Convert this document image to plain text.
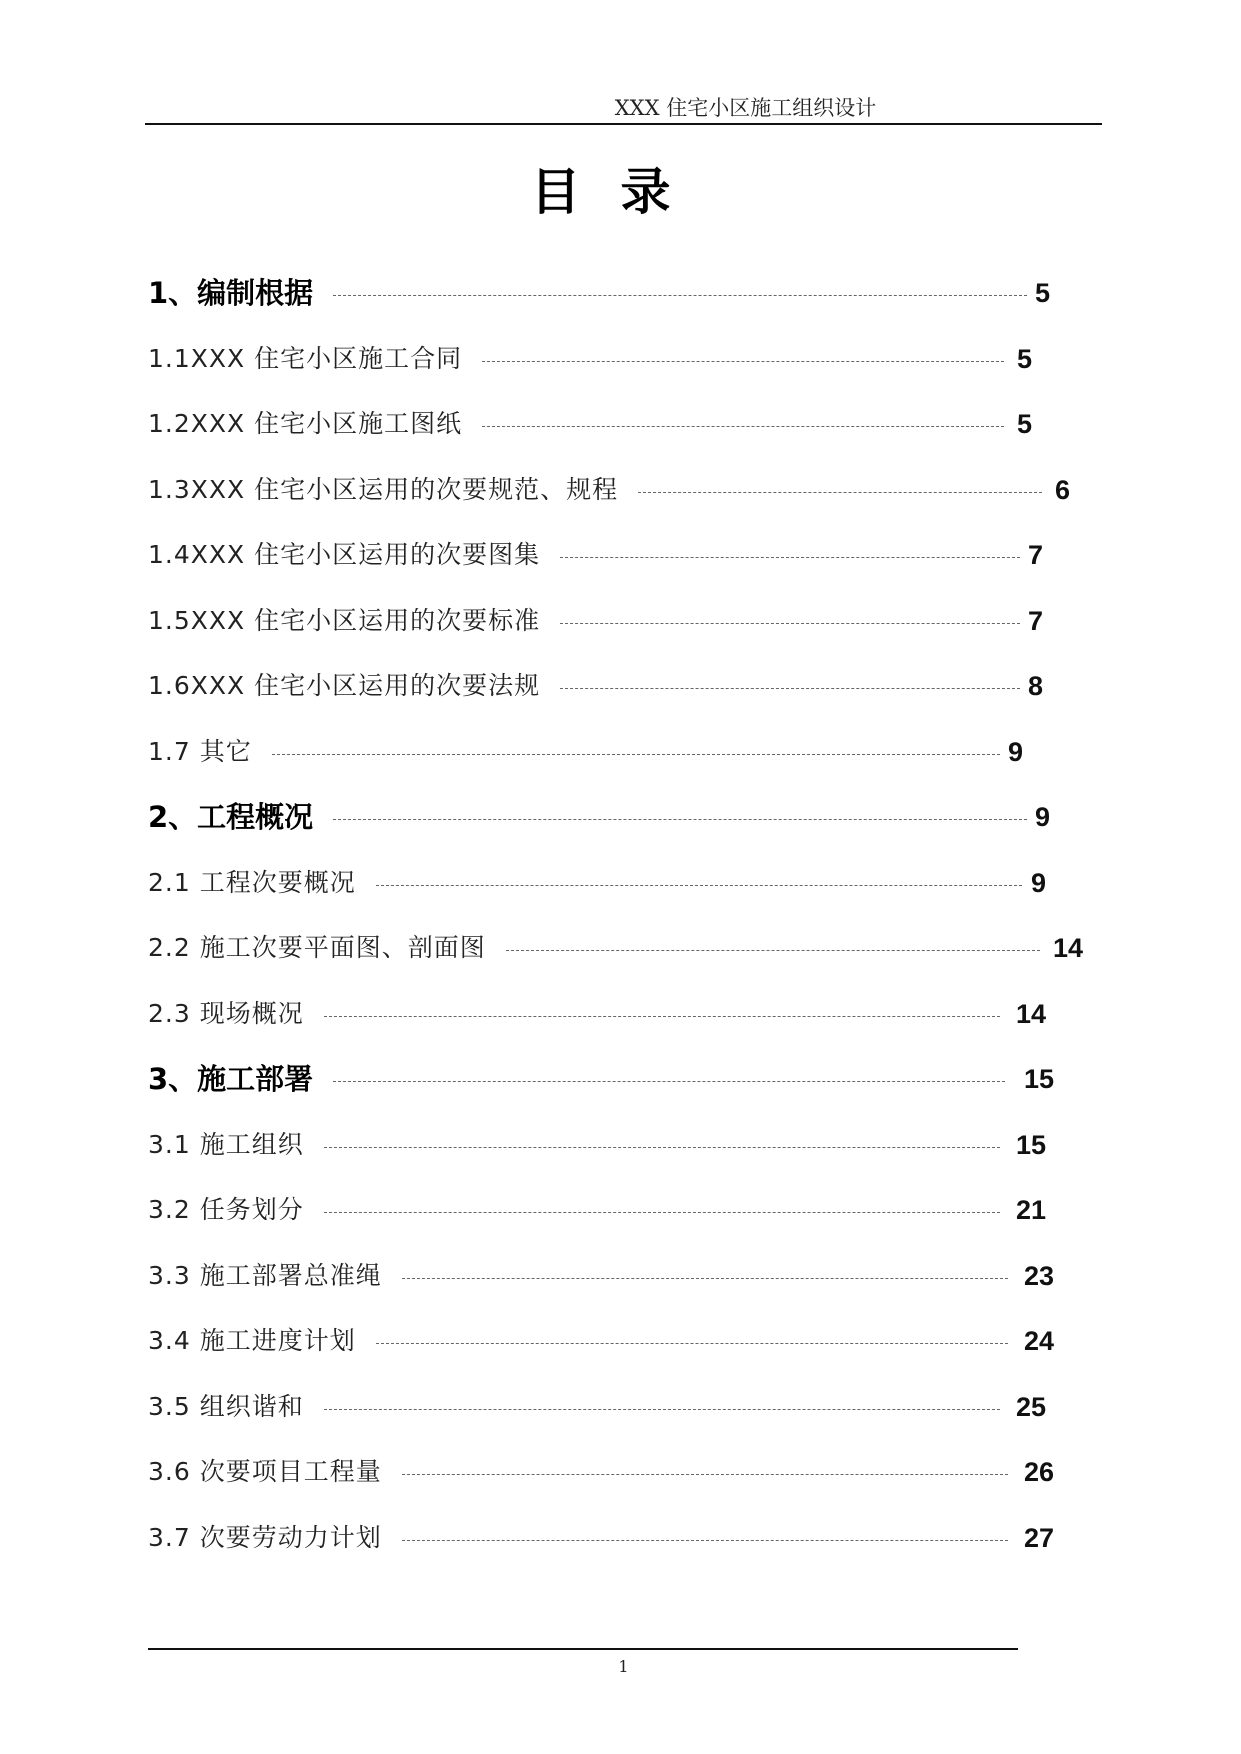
XXX 住宅小区施工组织设计
目录
1、编制根据	5
1.1XXX 住宅小区施工合同	5
1.2XXX 住宅小区施工图纸	5
1.3XXX 住宅小区运用的次要规范、规程	6
1.4XXX 住宅小区运用的次要图集	7
1.5XXX 住宅小区运用的次要标准	7
1.6XXX 住宅小区运用的次要法规	8
1.7 其它	9
2、工程概况	9
2.1 工程次要概况	9
2.2 施工次要平面图、剖面图	14
2.3 现场概况	14
3、施工部署	15
3.1 施工组织	15
3.2 任务划分	21
3.3 施工部署总准绳	23
3.4 施工进度计划	24
3.5 组织谐和	25
3.6 次要项目工程量	26
3.7 次要劳动力计划	27
1
